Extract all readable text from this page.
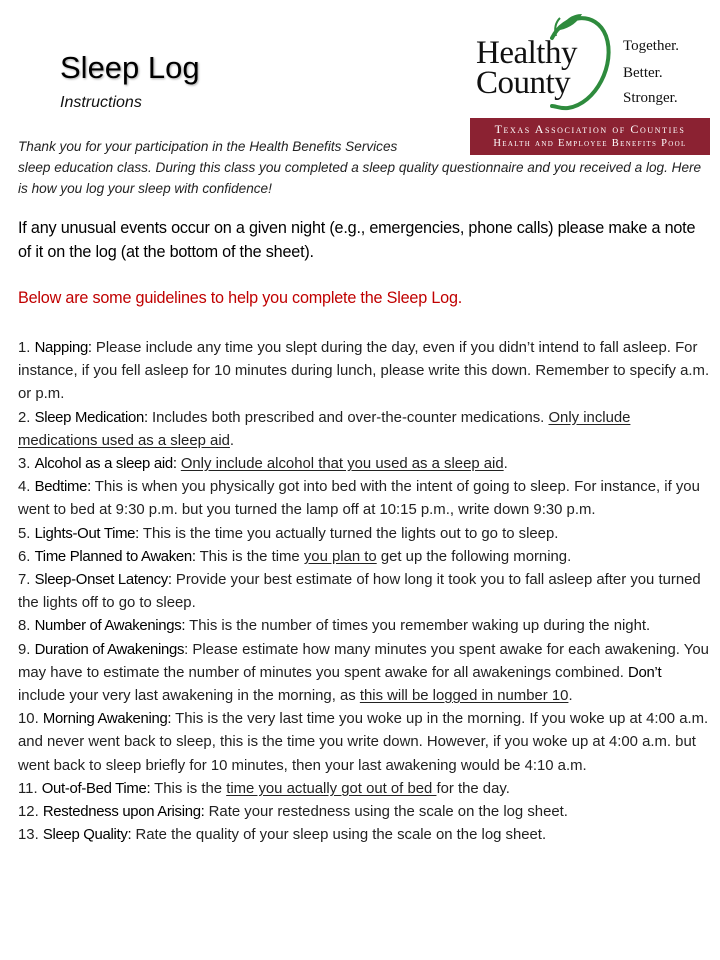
Sleep Log
Instructions
Healthy
County
Together.
Better.
Stronger.
Texas Association of Counties
Health and Employee Benefits Pool
Thank you for your participation in the Health Benefits Services
sleep education class. During this class you completed a sleep quality questionnaire and you received a log. Here is how you log your sleep with confidence!
If any unusual events occur on a given night (e.g., emergencies, phone calls) please make a note of it on the log (at the bottom of the sheet).
Below are some guidelines to help you complete the Sleep Log.
1. Napping: Please include any time you slept during the day, even if you didn’t intend to fall asleep. For instance, if you fell asleep for 10 minutes during lunch, please write this down. Remember to specify a.m. or p.m.
2. Sleep Medication: Includes both prescribed and over-the-counter medications. Only include medications used as a sleep aid.
3. Alcohol as a sleep aid: Only include alcohol that you used as a sleep aid.
4. Bedtime: This is when you physically got into bed with the intent of going to sleep. For instance, if you went to bed at 9:30 p.m. but you turned the lamp off at 10:15 p.m., write down 9:30 p.m.
5. Lights-Out Time: This is the time you actually turned the lights out to go to sleep.
6. Time Planned to Awaken: This is the time you plan to get up the following morning.
7. Sleep-Onset Latency: Provide your best estimate of how long it took you to fall asleep after you turned the lights off to go to sleep.
8. Number of Awakenings: This is the number of times you remember waking up during the night.
9. Duration of Awakenings: Please estimate how many minutes you spent awake for each awakening. You may have to estimate the number of minutes you spent awake for all awakenings combined. Don’t include your very last awakening in the morning, as this will be logged in number 10.
10. Morning Awakening: This is the very last time you woke up in the morning. If you woke up at 4:00 a.m. and never went back to sleep, this is the time you write down. However, if you woke up at 4:00 a.m. but went back to sleep briefly for 10 minutes, then your last awakening would be 4:10 a.m.
11. Out-of-Bed Time: This is the time you actually got out of bed for the day.
12. Restedness upon Arising: Rate your restedness using the scale on the log sheet.
13. Sleep Quality: Rate the quality of your sleep using the scale on the log sheet.
